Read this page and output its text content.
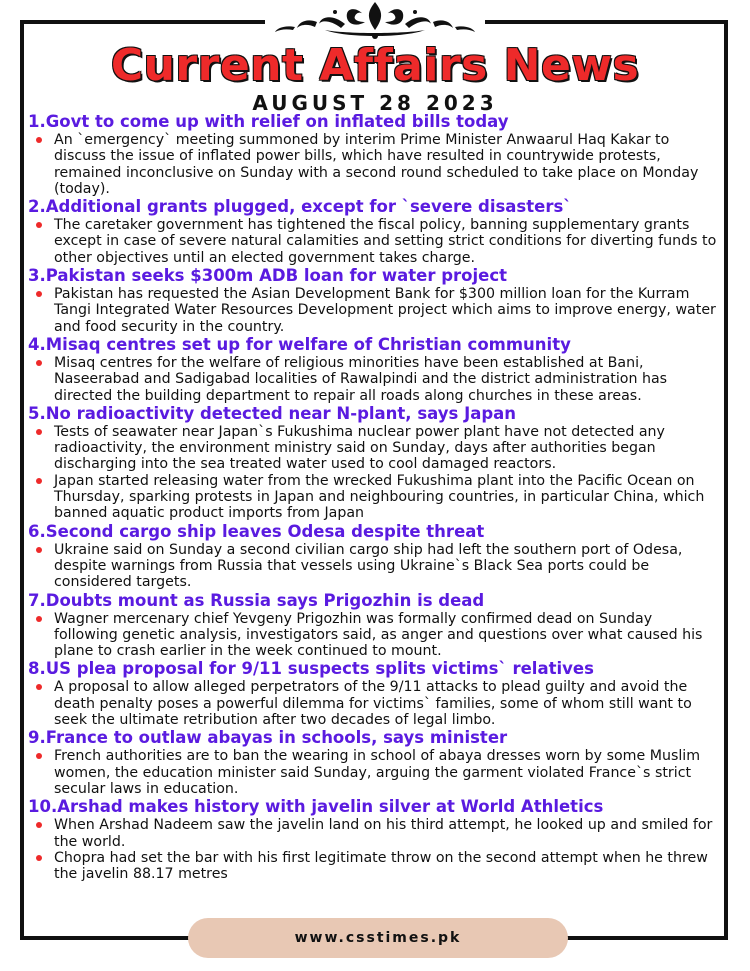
Current Affairs News
AUGUST 28 2023
1.Govt to come up with relief on inflated bills today
An `emergency` meeting summoned by interim Prime Minister Anwaarul Haq Kakar to discuss the issue of inflated power bills, which have resulted in countrywide protests, remained inconclusive on Sunday with a second round scheduled to take place on Monday (today).
2.Additional grants plugged, except for `severe disasters`
The caretaker government has tightened the fiscal policy, banning supplementary grants except in case of severe natural calamities and setting strict conditions for diverting funds to other objectives until an elected government takes charge.
3.Pakistan seeks $300m ADB loan for water project
Pakistan has requested the Asian Development Bank for $300 million loan for the Kurram Tangi Integrated Water Resources Development project which aims to improve energy, water and food security in the country.
4.Misaq centres set up for welfare of Christian community
Misaq centres for the welfare of religious minorities have been established at Bani, Naseerabad and Sadigabad localities of Rawalpindi and the district administration has directed the building department to repair all roads along churches in these areas.
5.No radioactivity detected near N-plant, says Japan
Tests of seawater near Japan`s Fukushima nuclear power plant have not detected any radioactivity, the environment ministry said on Sunday, days after authorities began discharging into the sea treated water used to cool damaged reactors.
Japan started releasing water from the wrecked Fukushima plant into the Pacific Ocean on Thursday, sparking protests in Japan and neighbouring countries, in particular China, which banned aquatic product imports from Japan
6.Second cargo ship leaves Odesa despite threat
Ukraine said on Sunday a second civilian cargo ship had left the southern port of Odesa, despite warnings from Russia that vessels using Ukraine`s Black Sea ports could be considered targets.
7.Doubts mount as Russia says Prigozhin is dead
Wagner mercenary chief Yevgeny Prigozhin was formally confirmed dead on Sunday following genetic analysis, investigators said, as anger and questions over what caused his plane to crash earlier in the week continued to mount.
8.US plea proposal for 9/11 suspects splits victims` relatives
A proposal to allow alleged perpetrators of the 9/11 attacks to plead guilty and avoid the death penalty poses a powerful dilemma for victims` families, some of whom still want to seek the ultimate retribution after two decades of legal limbo.
9.France to outlaw abayas in schools, says minister
French authorities are to ban the wearing in school of abaya dresses worn by some Muslim women, the education minister said Sunday, arguing the garment violated France`s strict secular laws in education.
10.Arshad makes history with javelin silver at World Athletics
When Arshad Nadeem saw the javelin land on his third attempt, he looked up and smiled for the world.
Chopra had set the bar with his first legitimate throw on the second attempt when he threw the javelin 88.17 metres
www.csstimes.pk
